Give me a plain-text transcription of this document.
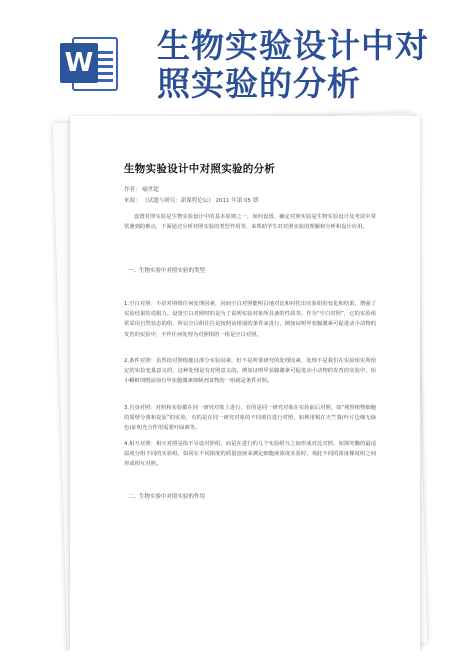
W 生物实验设计中对照实验的分析
生物实验设计中对照实验的分析
作者： 喻世超
来源： 《试题与研究：新课程论坛》 2011 年第 05 期
设置对照实验是生物实验设计中的基本原则之一，如何设置、确定对照实验是生物实验设计及考试中常常遇到的难点，下面通过分析对照实验的类型作用等，来帮助学生对对照实验的理解和分析和设计应用。
一、生物实验中对照实验的类型
1.空白对照：不给对照组任何处理因素，因而空白对照能明白地对比和衬托出实验组的变化和结果，增强了实验结果的说服力。设置空白对照时的是为了说明实验对象所具备的性质等。作为“空白对照”，它的实验组常采用自然状态的组，所以空白组往往是按照该组别的条件来进行，例如证明甲状腺激素可促进动小动物的发育的实验中，不作任何处理为对照组的一组是空白对照。
2.条件对照：虽然给对照组施以部分实验因素，但不是所要研究的处理因素，处理不是我们在实验组实所给定的实验变量意义的，这种处理是有对照意义的。例如证明甲状腺激素可促进动小动物的发育的实验中，给小蝌蚪饲喂添加有甲状腺激素抑制剂食物的一组就是条件对照。
3.自身对照：对照和实验都在同一研究对象上进行，有的是同一研究对象在实验前后对照，如“观察植物细胞的质壁分离和复原”的实验，有的是在同一研究对象的不同部位进行对照，如利用锡在天竺葵(叶片边缘无绿色)证明光合作用需要叶绿素等。
4.相互对照：相互对照是指不另设对照组，而是在进行的几个实验组互之间形成对比对照。如探究酶的最适温度分组不同的实验组，如同在不同浓度的质量溶液来测定细胞液浓度实验时，观此不同的浓度梯度组之间形成相互对照。
二、生物实验中对照实验的作用
